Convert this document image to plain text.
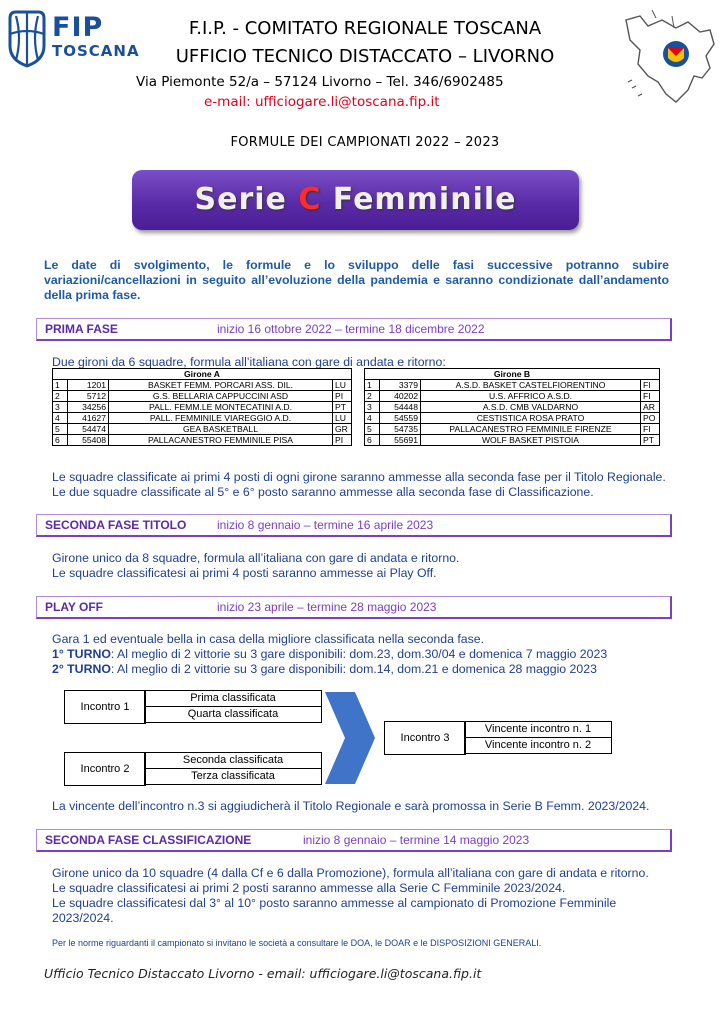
FIP
TOSCANA
F.I.P. - COMITATO REGIONALE TOSCANA
UFFICIO TECNICO DISTACCATO – LIVORNO
Via Piemonte 52/a – 57124 Livorno – Tel. 346/6902485
e-mail: ufficiogare.li@toscana.fip.it
FORMULE DEI CAMPIONATI 2022 – 2023
Serie C Femminile
Le date di svolgimento, le formule e lo sviluppo delle fasi successive potranno subire variazioni/cancellazioni in seguito all’evoluzione della pandemia e saranno condizionate dall’andamento della prima fase.
PRIMA FASE	inizio 16 ottobre 2022 – termine 18 dicembre 2022
Due gironi da 6 squadre, formula all’italiana con gare di andata e ritorno:
Girone A			
1	1201	BASKET FEMM. PORCARI ASS. DIL.	LU
2	5712	G.S. BELLARIA CAPPUCCINI ASD	PI
3	34256	PALL. FEMM.LE MONTECATINI A.D.	PT
4	41627	PALL. FEMMINILE VIAREGGIO A.D.	LU
5	54474	GEA BASKETBALL	GR
6	55408	PALLACANESTRO FEMMINILE PISA	PI
Girone B			
1	3379	A.S.D. BASKET CASTELFIORENTINO	FI
2	40202	U.S. AFFRICO A.S.D.	FI
3	54448	A.S.D. CMB VALDARNO	AR
4	54559	CESTISTICA ROSA PRATO	PO
5	54735	PALLACANESTRO FEMMINILE FIRENZE	FI
6	55691	WOLF BASKET PISTOIA	PT
Le squadre classificate ai primi 4 posti di ogni girone saranno ammesse alla seconda fase per il Titolo Regionale.
Le due squadre classificate al 5° e 6° posto saranno ammesse alla seconda fase di Classificazione.
SECONDA FASE TITOLO	inizio 8 gennaio – termine 16 aprile 2023
Girone unico da 8 squadre, formula all’italiana con gare di andata e ritorno.
Le squadre classificatesi ai primi 4 posti saranno ammesse ai Play Off.
PLAY OFF	inizio 23 aprile – termine 28 maggio 2023
Gara 1 ed eventuale bella in casa della migliore classificata nella seconda fase.
1° TURNO: Al meglio di 2 vittorie su 3 gare disponibili: dom.23, dom.30/04 e domenica 7 maggio 2023
2° TURNO: Al meglio di 2 vittorie su 3 gare disponibili: dom.14, dom.21 e domenica 28 maggio 2023
Incontro 1
Prima classificata
Quarta classificata
Incontro 2
Seconda classificata
Terza classificata
Incontro 3
Vincente incontro n. 1
Vincente incontro n. 2
La vincente dell’incontro n.3 si aggiudicherà il Titolo Regionale e sarà promossa in Serie B Femm. 2023/2024.
SECONDA FASE CLASSIFICAZIONE	inizio 8 gennaio – termine 14 maggio 2023
Girone unico da 10 squadre (4 dalla Cf e 6 dalla Promozione), formula all’italiana con gare di andata e ritorno.
Le squadre classificatesi ai primi 2 posti saranno ammesse alla Serie C Femminile 2023/2024.
Le squadre classificatesi dal 3° al 10° posto saranno ammesse al campionato di Promozione Femminile 2023/2024.
Per le norme riguardanti il campionato si invitano le società a consultare le DOA, le DOAR e le DISPOSIZIONI GENERALI.
Ufficio Tecnico Distaccato Livorno - email: ufficiogare.li@toscana.fip.it
